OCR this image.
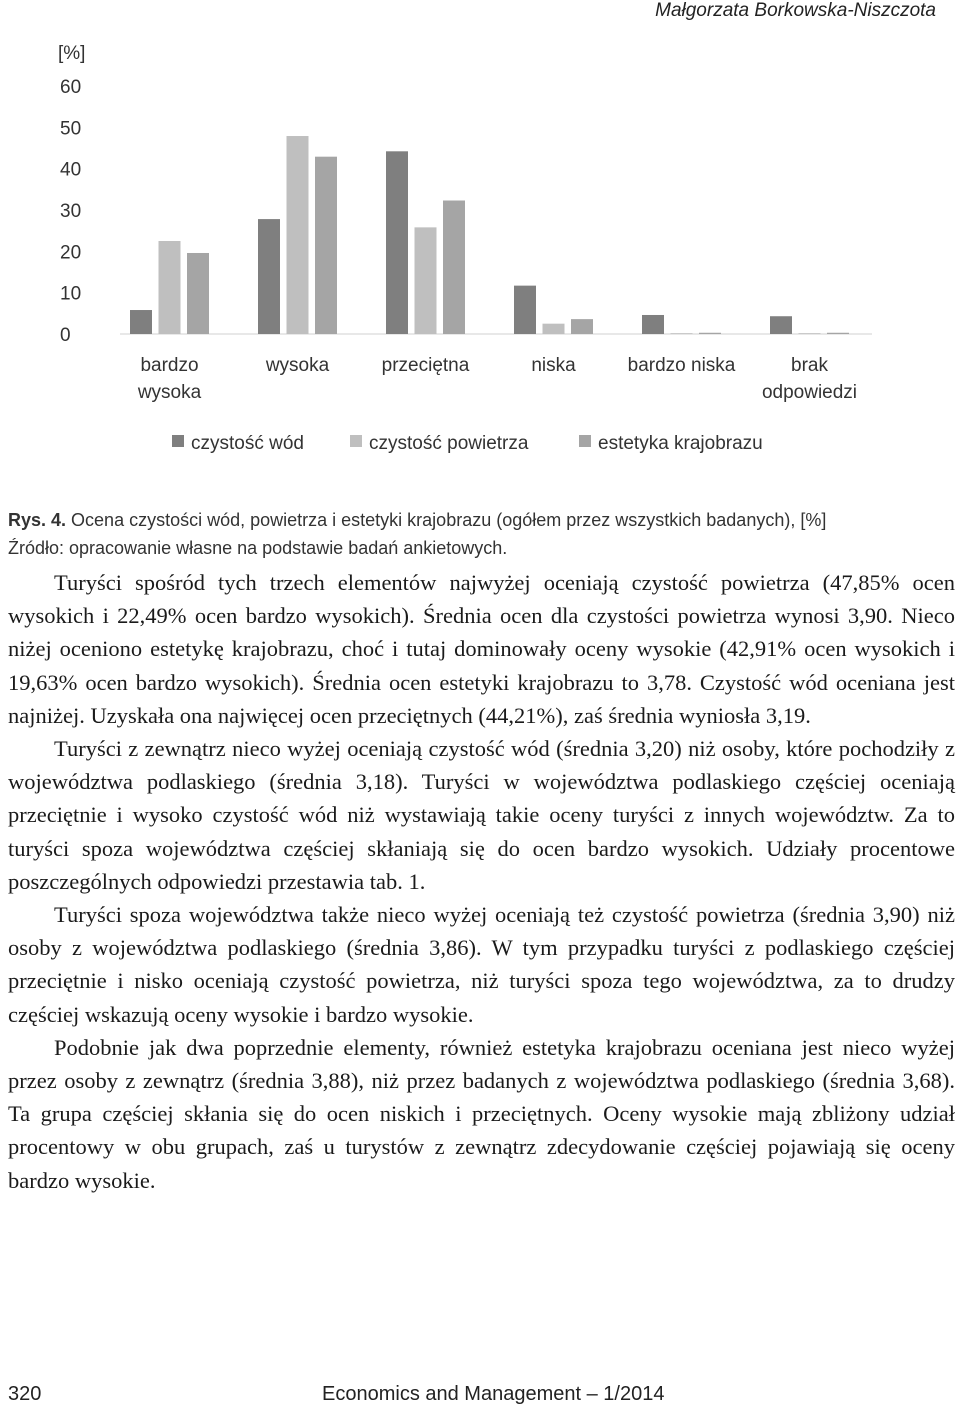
Małgorzata Borkowska-Niszczota
[%]
0
10
20
30
40
50
60
bardzo wysoka
wysoka	przeciętna	niska	bardzo niska	brak odpowiedzi
czystość wód	czystość powietrza	estetyka krajobrazu
Rys. 4. Ocena czystości wód, powietrza i estetyki krajobrazu (ogółem przez wszystkich badanych), [%]
Źródło: opracowanie własne na podstawie badań ankietowych.

Turyści spośród tych trzech elementów najwyżej oceniają czystość powietrza (47,85% ocen wysokich i 22,49% ocen bardzo wysokich). Średnia ocen dla czystości powietrza wynosi 3,90. Nieco niżej oceniono estetykę krajobrazu, choć i tutaj dominowały oceny wysokie (42,91% ocen wysokich i 19,63% ocen bardzo wysokich). Średnia ocen estetyki krajobrazu to 3,78. Czystość wód oceniana jest najniżej. Uzyskała ona najwięcej ocen przeciętnych (44,21%), zaś średnia wyniosła 3,19.

Turyści z zewnątrz nieco wyżej oceniają czystość wód (średnia 3,20) niż osoby, które pochodziły z województwa podlaskiego (średnia 3,18). Turyści w województwa podlaskiego częściej oceniają przeciętnie i wysoko czystość wód niż wystawiają takie oceny turyści z innych województw. Za to turyści spoza województwa częściej skłaniają się do ocen bardzo wysokich. Udziały procentowe poszczególnych odpowiedzi przestawia tab. 1.

Turyści spoza województwa także nieco wyżej oceniają też czystość powietrza (średnia 3,90) niż osoby z województwa podlaskiego (średnia 3,86). W tym przypadku turyści z podlaskiego częściej przeciętnie i nisko oceniają czystość powietrza, niż turyści spoza tego województwa, za to drudzy częściej wskazują oceny wysokie i bardzo wysokie.

Podobnie jak dwa poprzednie elementy, również estetyka krajobrazu oceniana jest nieco wyżej przez osoby z zewnątrz (średnia 3,88), niż przez badanych z województwa podlaskiego (średnia 3,68). Ta grupa częściej skłania się do ocen niskich i przeciętnych. Oceny wysokie mają zbliżony udział procentowy w obu grupach, zaś u turystów z zewnątrz zdecydowanie częściej pojawiają się oceny bardzo wysokie.

320	Economics and Management – 1/2014
